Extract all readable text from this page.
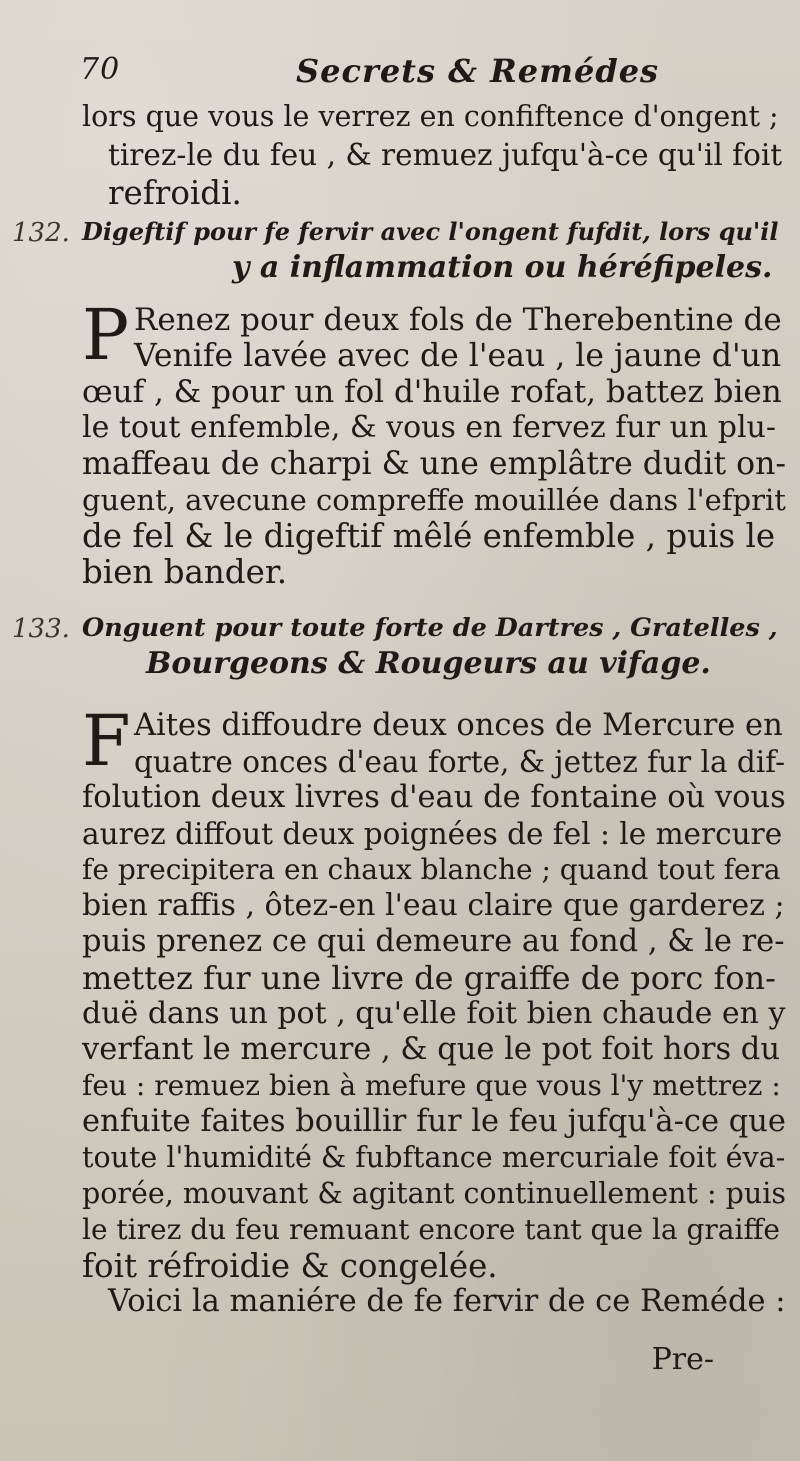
70	Secrets & Remédes
lors que vous le verrez en confiftence d'ongent ;
tirez-le du feu , & remuez jufqu'à-ce qu'il foit
refroidi.
132. Digeftif pour fe fervir avec l'ongent fufdit, lors qu'il
y a inflammation ou héréfipeles.
P Renez pour deux fols de Therebentine de
Venife lavée avec de l'eau , le jaune d'un
œuf , & pour un fol d'huile rofat, battez bien
le tout enfemble, & vous en fervez fur un plu-
maffeau de charpi & une emplâtre dudit on-
guent, avecune compreffe mouillée dans l'efprit
de fel & le digeftif mêlé enfemble , puis le
bien bander.
133. Onguent pour toute forte de Dartres , Gratelles ,
Bourgeons & Rougeurs au vifage.
F Aites diffoudre deux onces de Mercure en
quatre onces d'eau forte, & jettez fur la dif-
folution deux livres d'eau de fontaine où vous
aurez diffout deux poignées de fel : le mercure
fe precipitera en chaux blanche ; quand tout fera
bien raffis , ôtez-en l'eau claire que garderez ;
puis prenez ce qui demeure au fond , & le re-
mettez fur une livre de graiffe de porc fon-
duë dans un pot , qu'elle foit bien chaude en y
verfant le mercure , & que le pot foit hors du
feu : remuez bien à mefure que vous l'y mettrez :
enfuite faites bouillir fur le feu jufqu'à-ce que
toute l'humidité & fubftance mercuriale foit éva-
porée, mouvant & agitant continuellement : puis
le tirez du feu remuant encore tant que la graiffe
foit réfroidie & congelée.
Voici la maniére de fe fervir de ce Reméde :
Pre-
